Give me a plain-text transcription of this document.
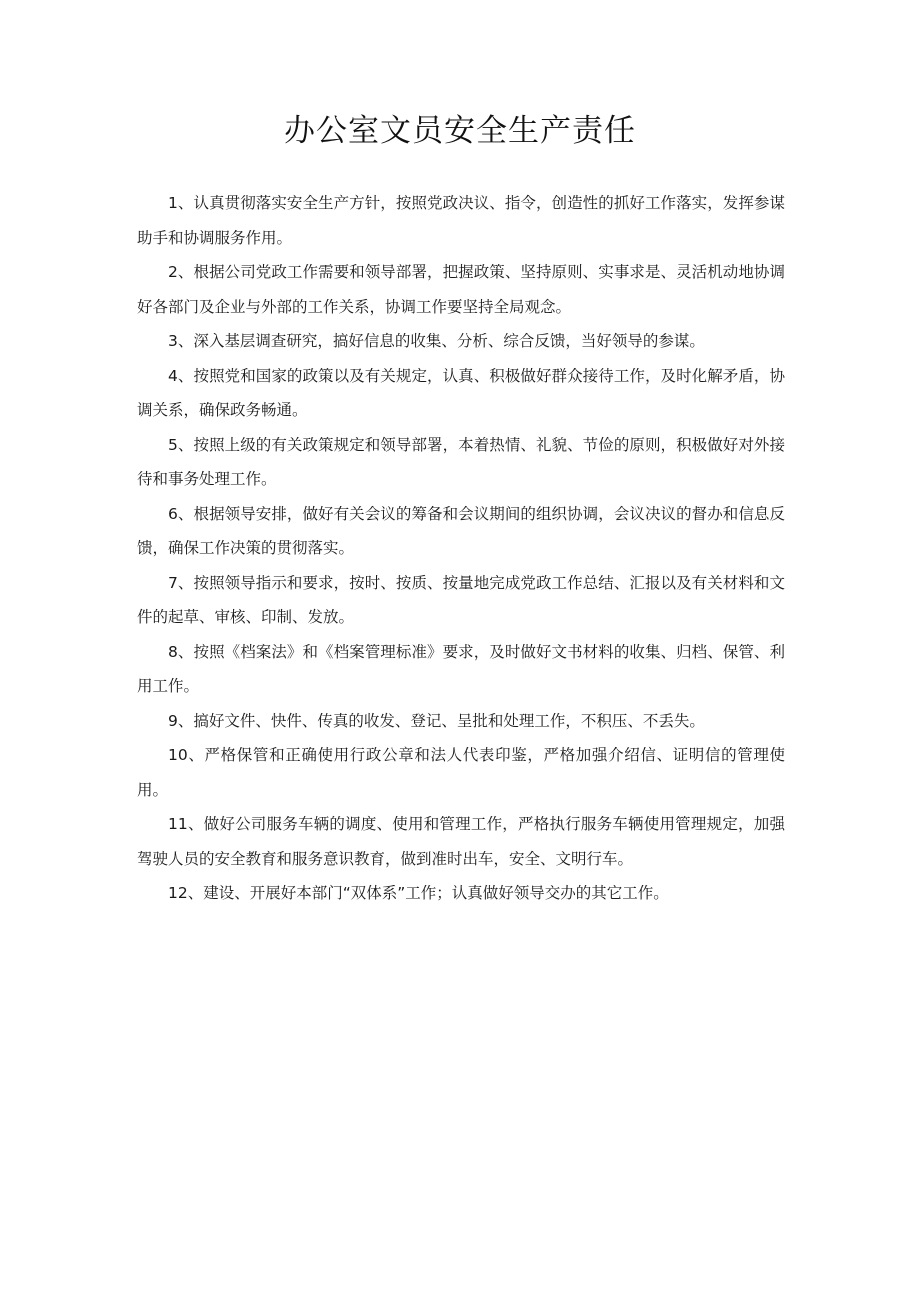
办公室文员安全生产责任

1、认真贯彻落实安全生产方针，按照党政决议、指令，创造性的抓好工作落实，发挥参谋助手和协调服务作用。

2、根据公司党政工作需要和领导部署，把握政策、坚持原则、实事求是、灵活机动地协调好各部门及企业与外部的工作关系，协调工作要坚持全局观念。

3、深入基层调查研究，搞好信息的收集、分析、综合反馈，当好领导的参谋。

4、按照党和国家的政策以及有关规定，认真、积极做好群众接待工作，及时化解矛盾，协调关系，确保政务畅通。

5、按照上级的有关政策规定和领导部署，本着热情、礼貌、节俭的原则，积极做好对外接待和事务处理工作。

6、根据领导安排，做好有关会议的筹备和会议期间的组织协调，会议决议的督办和信息反馈，确保工作决策的贯彻落实。

7、按照领导指示和要求，按时、按质、按量地完成党政工作总结、汇报以及有关材料和文件的起草、审核、印制、发放。

8、按照《档案法》和《档案管理标准》要求，及时做好文书材料的收集、归档、保管、利用工作。

9、搞好文件、快件、传真的收发、登记、呈批和处理工作，不积压、不丢失。

10、严格保管和正确使用行政公章和法人代表印鉴，严格加强介绍信、证明信的管理使用。

11、做好公司服务车辆的调度、使用和管理工作，严格执行服务车辆使用管理规定，加强驾驶人员的安全教育和服务意识教育，做到准时出车，安全、文明行车。

12、建设、开展好本部门“双体系”工作；认真做好领导交办的其它工作。
